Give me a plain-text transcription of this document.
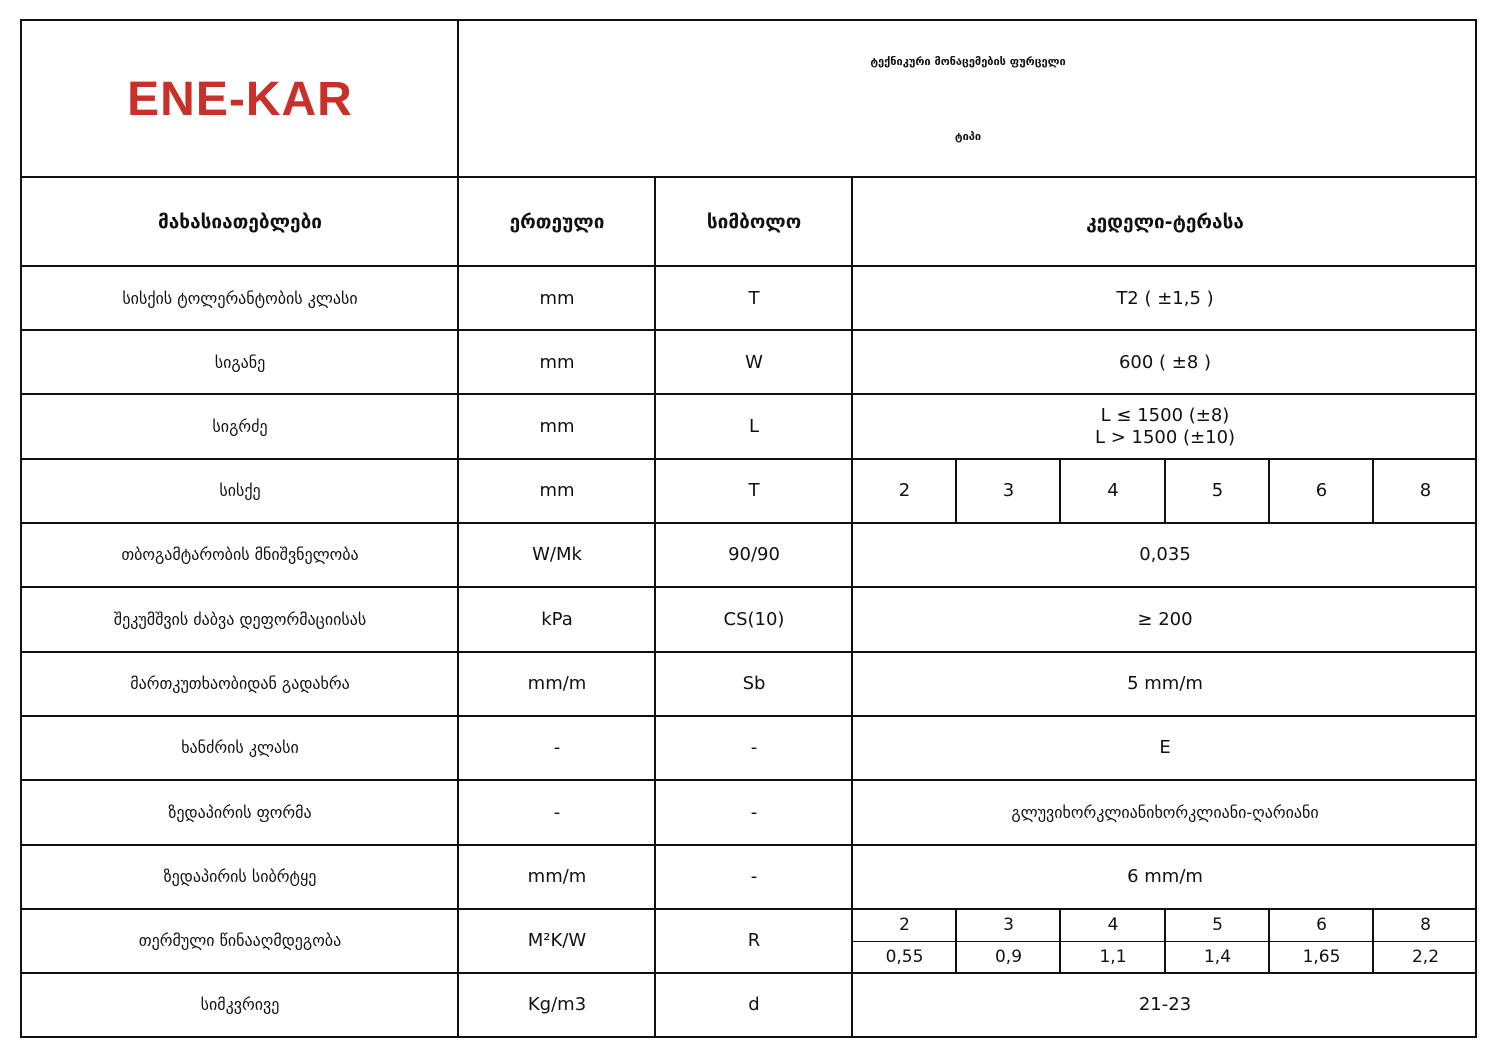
ENE-KAR
ტექნიკური მონაცემების ფურცელი
ტიპი
მახასიათებლები	ერთეული	სიმბოლო	კედელი-ტერასა
სისქის ტოლერანტობის კლასი	mm	T	T2 ( ±1,5 )
სიგანე	mm	W	600 ( ±8 )
სიგრძე	mm	L
L ≤ 1500 (±8)
L > 1500 (±10)
სისქე	mm	T	2	3	4	5	6	8
თბოგამტარობის მნიშვნელობა	W/Mk	90/90	0,035
შეკუმშვის ძაბვა დეფორმაციისას	kPa	CS(10)	≥ 200
მართკუთხაობიდან გადახრა	mm/m	Sb	5 mm/m
ხანძრის კლასი	-	-	E
ზედაპირის ფორმა	-	-	გლუვიხორკლიანიხორკლიანი-ღარიანი
ზედაპირის სიბრტყე	mm/m	-	6 mm/m
თერმული წინააღმდეგობა	M²K/W	R
2	3	4	5	6	8
0,55	0,9	1,1	1,4	1,65	2,2
სიმკვრივე	Kg/m3	d	21-23
